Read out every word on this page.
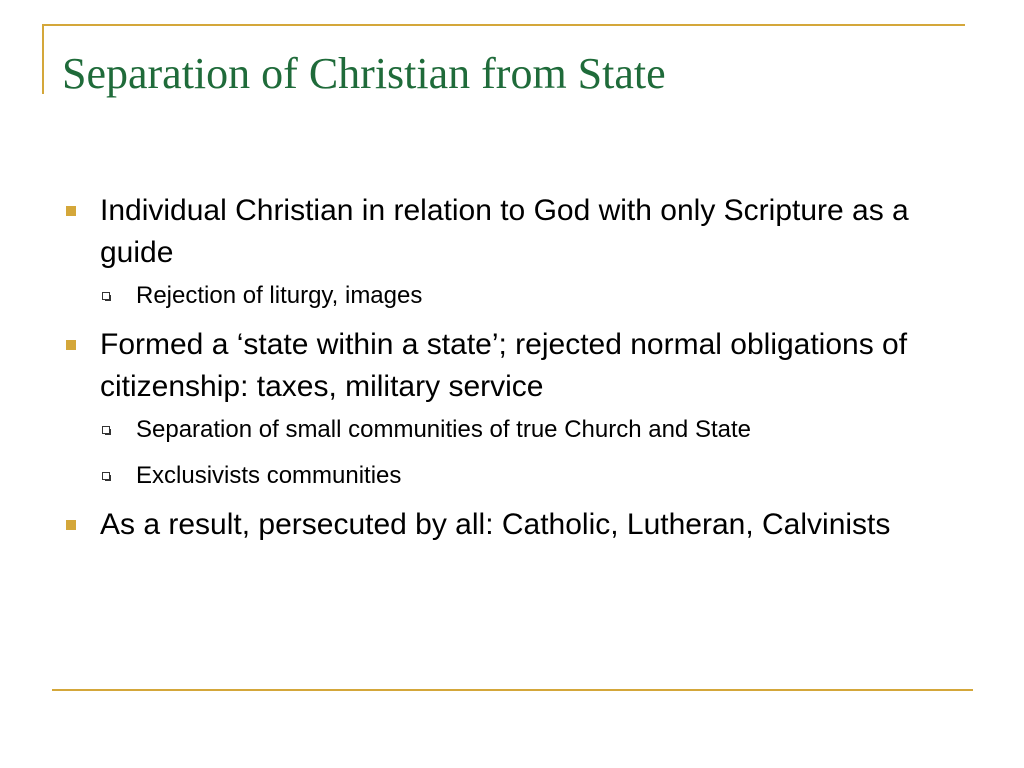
Separation of Christian from State
Individual Christian in relation to God with only Scripture as a guide
Rejection of liturgy, images
Formed a ‘state within a state’; rejected normal obligations of citizenship: taxes, military service
Separation of small communities of true Church and State
Exclusivists communities
As a result, persecuted by all: Catholic, Lutheran, Calvinists
